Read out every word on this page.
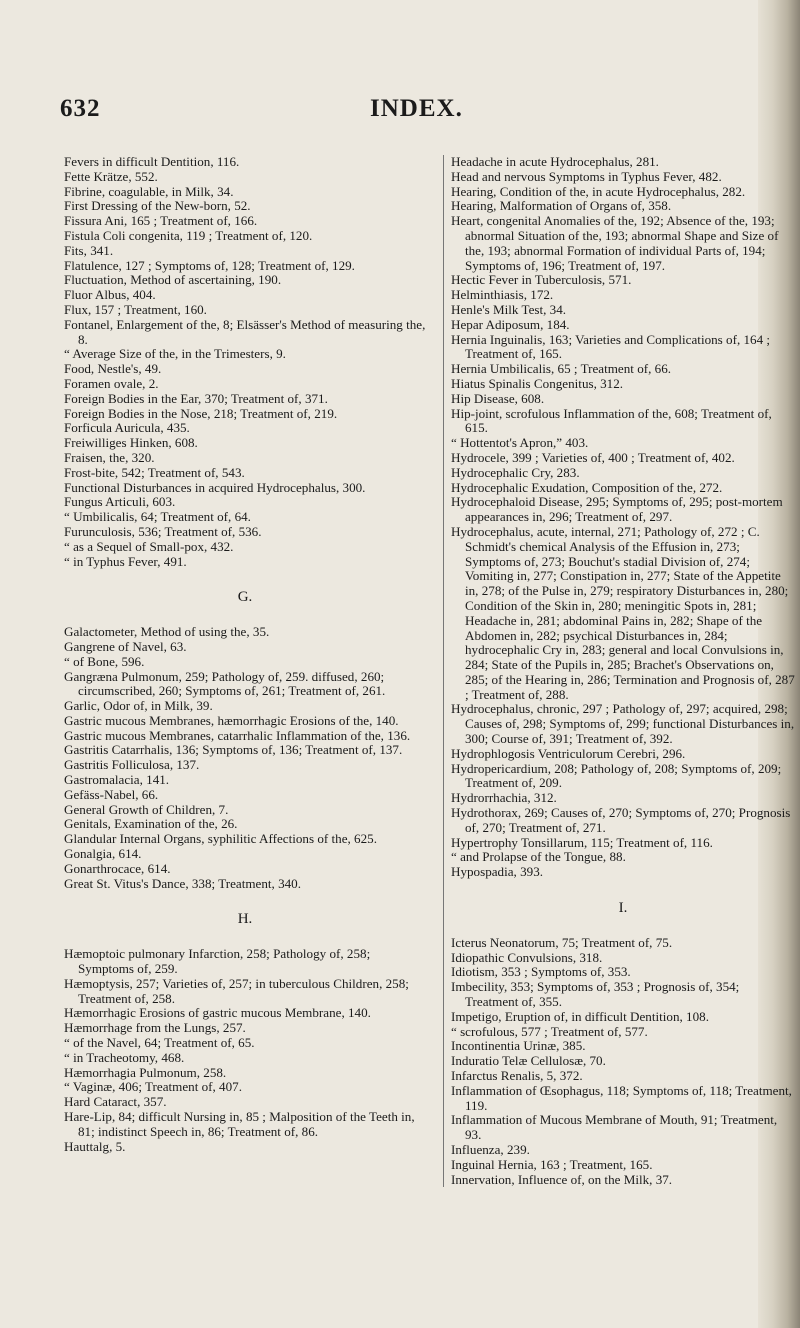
632	INDEX.

Fevers in difficult Dentition, 116.

Fette Krätze, 552.

Fibrine, coagulable, in Milk, 34.

First Dressing of the New-born, 52.

Fissura Ani, 165 ; Treatment of, 166.

Fistula Coli congenita, 119 ; Treatment of, 120.

Fits, 341.

Flatulence, 127 ; Symptoms of, 128; Treatment of, 129.

Fluctuation, Method of ascertaining, 190.

Fluor Albus, 404.

Flux, 157 ; Treatment, 160.

Fontanel, Enlargement of the, 8; Elsässer's Method of measuring the, 8.

“ Average Size of the, in the Trimesters, 9.

Food, Nestle's, 49.

Foramen ovale, 2.

Foreign Bodies in the Ear, 370; Treatment of, 371.

Foreign Bodies in the Nose, 218; Treatment of, 219.

Forficula Auricula, 435.

Freiwilliges Hinken, 608.

Fraisen, the, 320.

Frost-bite, 542; Treatment of, 543.

Functional Disturbances in acquired Hydrocephalus, 300.

Fungus Articuli, 603.

“ Umbilicalis, 64; Treatment of, 64.

Furunculosis, 536; Treatment of, 536.

“ as a Sequel of Small-pox, 432.

“ in Typhus Fever, 491.

G.

Galactometer, Method of using the, 35.

Gangrene of Navel, 63.

“ of Bone, 596.

Gangræna Pulmonum, 259; Pathology of, 259. diffused, 260; circumscribed, 260; Symptoms of, 261; Treatment of, 261.

Garlic, Odor of, in Milk, 39.

Gastric mucous Membranes, hæmorrhagic Erosions of the, 140.

Gastric mucous Membranes, catarrhalic Inflammation of the, 136.

Gastritis Catarrhalis, 136; Symptoms of, 136; Treatment of, 137.

Gastritis Folliculosa, 137.

Gastromalacia, 141.

Gefäss-Nabel, 66.

General Growth of Children, 7.

Genitals, Examination of the, 26.

Glandular Internal Organs, syphilitic Affections of the, 625.

Gonalgia, 614.

Gonarthrocace, 614.

Great St. Vitus's Dance, 338; Treatment, 340.

H.

Hæmoptoic pulmonary Infarction, 258; Pathology of, 258; Symptoms of, 259.

Hæmoptysis, 257; Varieties of, 257; in tuberculous Children, 258; Treatment of, 258.

Hæmorrhagic Erosions of gastric mucous Membrane, 140.

Hæmorrhage from the Lungs, 257.

“ of the Navel, 64; Treatment of, 65.

“ in Tracheotomy, 468.

Hæmorrhagia Pulmonum, 258.

“ Vaginæ, 406; Treatment of, 407.

Hard Cataract, 357.

Hare-Lip, 84; difficult Nursing in, 85 ; Malposition of the Teeth in, 81; indistinct Speech in, 86; Treatment of, 86.

Hauttalg, 5.

Headache in acute Hydrocephalus, 281.

Head and nervous Symptoms in Typhus Fever, 482.

Hearing, Condition of the, in acute Hydrocephalus, 282.

Hearing, Malformation of Organs of, 358.

Heart, congenital Anomalies of the, 192; Absence of the, 193; abnormal Situation of the, 193; abnormal Shape and Size of the, 193; abnormal Formation of individual Parts of, 194; Symptoms of, 196; Treatment of, 197.

Hectic Fever in Tuberculosis, 571.

Helminthiasis, 172.

Henle's Milk Test, 34.

Hepar Adiposum, 184.

Hernia Inguinalis, 163; Varieties and Complications of, 164 ; Treatment of, 165.

Hernia Umbilicalis, 65 ; Treatment of, 66.

Hiatus Spinalis Congenitus, 312.

Hip Disease, 608.

Hip-joint, scrofulous Inflammation of the, 608; Treatment of, 615.

“ Hottentot's Apron,” 403.

Hydrocele, 399 ; Varieties of, 400 ; Treatment of, 402.

Hydrocephalic Cry, 283.

Hydrocephalic Exudation, Composition of the, 272.

Hydrocephaloid Disease, 295; Symptoms of, 295; post-mortem appearances in, 296; Treatment of, 297.

Hydrocephalus, acute, internal, 271; Pathology of, 272 ; C. Schmidt's chemical Analysis of the Effusion in, 273; Symptoms of, 273; Bouchut's stadial Division of, 274; Vomiting in, 277; Constipation in, 277; State of the Appetite in, 278; of the Pulse in, 279; respiratory Disturbances in, 280; Condition of the Skin in, 280; meningitic Spots in, 281; Headache in, 281; abdominal Pains in, 282; Shape of the Abdomen in, 282; psychical Disturbances in, 284; hydrocephalic Cry in, 283; general and local Convulsions in, 284; State of the Pupils in, 285; Brachet's Observations on, 285; of the Hearing in, 286; Termination and Prognosis of, 287 ; Treatment of, 288.

Hydrocephalus, chronic, 297 ; Pathology of, 297; acquired, 298; Causes of, 298; Symptoms of, 299; functional Disturbances in, 300; Course of, 391; Treatment of, 392.

Hydrophlogosis Ventriculorum Cerebri, 296.

Hydropericardium, 208; Pathology of, 208; Symptoms of, 209; Treatment of, 209.

Hydrorrhachia, 312.

Hydrothorax, 269; Causes of, 270; Symptoms of, 270; Prognosis of, 270; Treatment of, 271.

Hypertrophy Tonsillarum, 115; Treatment of, 116.

“ and Prolapse of the Tongue, 88.

Hypospadia, 393.

I.

Icterus Neonatorum, 75; Treatment of, 75.

Idiopathic Convulsions, 318.

Idiotism, 353 ; Symptoms of, 353.

Imbecility, 353; Symptoms of, 353 ; Prognosis of, 354; Treatment of, 355.

Impetigo, Eruption of, in difficult Dentition, 108.

“ scrofulous, 577 ; Treatment of, 577.

Incontinentia Urinæ, 385.

Induratio Telæ Cellulosæ, 70.

Infarctus Renalis, 5, 372.

Inflammation of Œsophagus, 118; Symptoms of, 118; Treatment, 119.

Inflammation of Mucous Membrane of Mouth, 91; Treatment, 93.

Influenza, 239.

Inguinal Hernia, 163 ; Treatment, 165.

Innervation, Influence of, on the Milk, 37.
